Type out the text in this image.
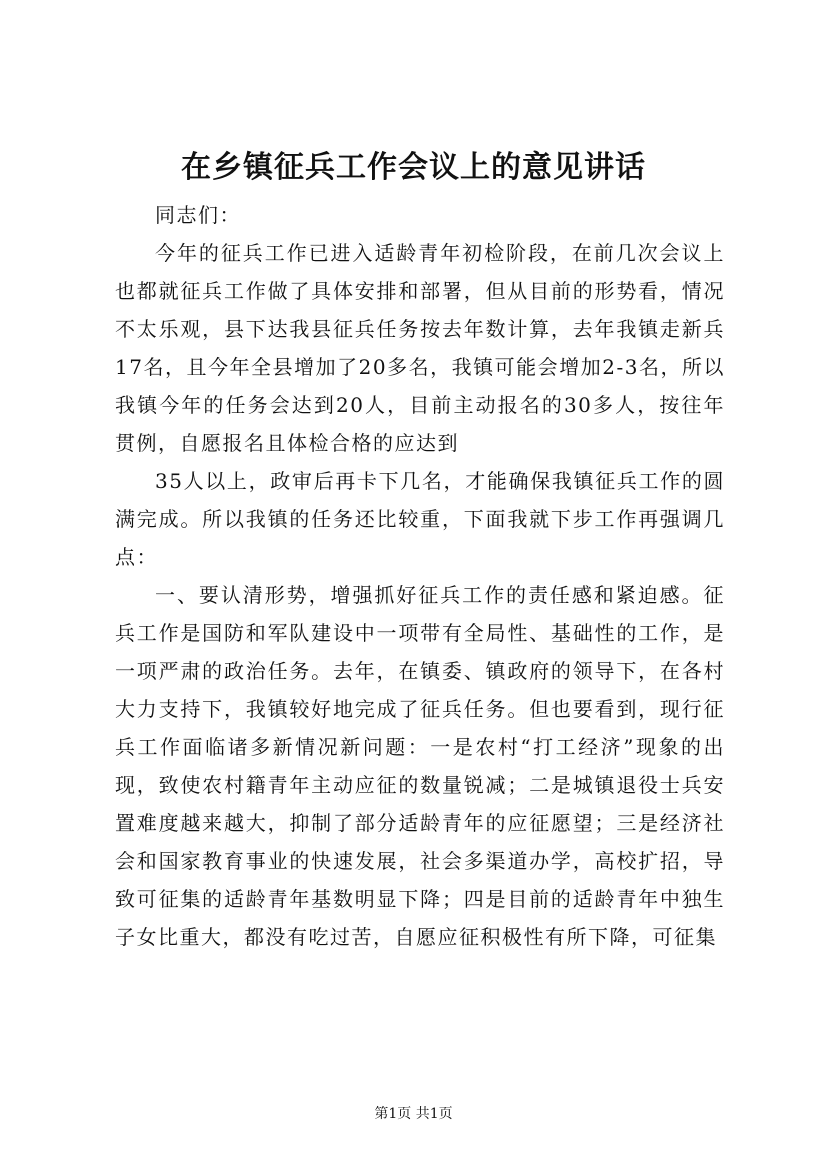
在乡镇征兵工作会议上的意见讲话

同志们：

今年的征兵工作已进入适龄青年初检阶段，在前几次会议上也都就征兵工作做了具体安排和部署，但从目前的形势看，情况不太乐观，县下达我县征兵任务按去年数计算，去年我镇走新兵17名，且今年全县增加了20多名，我镇可能会增加2-3名，所以我镇今年的任务会达到20人，目前主动报名的30多人，按往年贯例，自愿报名且体检合格的应达到

35人以上，政审后再卡下几名，才能确保我镇征兵工作的圆满完成。所以我镇的任务还比较重，下面我就下步工作再强调几点：

一、要认清形势，增强抓好征兵工作的责任感和紧迫感。征兵工作是国防和军队建设中一项带有全局性、基础性的工作，是一项严肃的政治任务。去年，在镇委、镇政府的领导下，在各村大力支持下，我镇较好地完成了征兵任务。但也要看到，现行征兵工作面临诸多新情况新问题：一是农村“打工经济”现象的出现，致使农村籍青年主动应征的数量锐减；二是城镇退役士兵安置难度越来越大，抑制了部分适龄青年的应征愿望；三是经济社会和国家教育事业的快速发展，社会多渠道办学，高校扩招，导致可征集的适龄青年基数明显下降；四是目前的适龄青年中独生子女比重大，都没有吃过苦，自愿应征积极性有所下降，可征集

第1页 共1页
